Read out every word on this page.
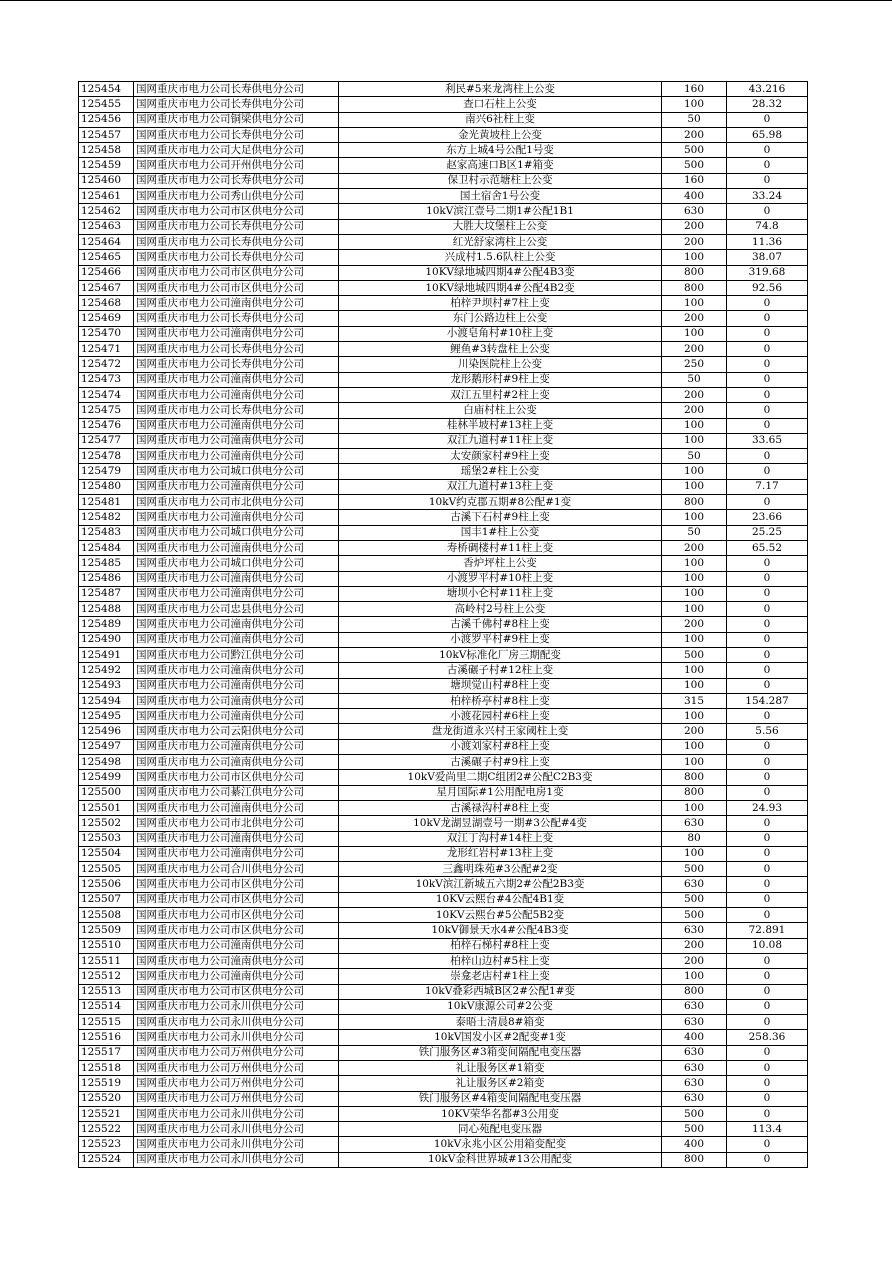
125454	国网重庆市电力公司长寿供电分公司	利民#5来龙湾柱上公变	160	43.216
125455	国网重庆市电力公司长寿供电分公司	查口石柱上公变	100	28.32
125456	国网重庆市电力公司铜梁供电分公司	南兴6社柱上变	50	0
125457	国网重庆市电力公司长寿供电分公司	金光黄坡柱上公变	200	65.98
125458	国网重庆市电力公司大足供电分公司	东方上城4号公配1号变	500	0
125459	国网重庆市电力公司开州供电分公司	赵家高速口B区1#箱变	500	0
125460	国网重庆市电力公司长寿供电分公司	保卫村示范塘柱上公变	160	0
125461	国网重庆市电力公司秀山供电分公司	国土宿舍1号公变	400	33.24
125462	国网重庆市电力公司市区供电分公司	10kV滨江壹号二期1#公配1B1	630	0
125463	国网重庆市电力公司长寿供电分公司	大胜大坟堡柱上公变	200	74.8
125464	国网重庆市电力公司长寿供电分公司	红光舒家湾柱上公变	200	11.36
125465	国网重庆市电力公司长寿供电分公司	兴成村1.5.6队柱上公变	100	38.07
125466	国网重庆市电力公司市区供电分公司	10KV绿地城四期4#公配4B3变	800	319.68
125467	国网重庆市电力公司市区供电分公司	10KV绿地城四期4#公配4B2变	800	92.56
125468	国网重庆市电力公司潼南供电分公司	柏梓尹坝村#7柱上变	100	0
125469	国网重庆市电力公司长寿供电分公司	东门公路边柱上公变	200	0
125470	国网重庆市电力公司潼南供电分公司	小渡皂角村#10柱上变	100	0
125471	国网重庆市电力公司长寿供电分公司	鲤鱼#3转盘柱上公变	200	0
125472	国网重庆市电力公司长寿供电分公司	川染医院柱上公变	250	0
125473	国网重庆市电力公司潼南供电分公司	龙形鹅形村#9柱上变	50	0
125474	国网重庆市电力公司潼南供电分公司	双江五里村#2柱上变	200	0
125475	国网重庆市电力公司长寿供电分公司	白庙村柱上公变	200	0
125476	国网重庆市电力公司潼南供电分公司	桂林半坡村#13柱上变	100	0
125477	国网重庆市电力公司潼南供电分公司	双江九道村#11柱上变	100	33.65
125478	国网重庆市电力公司潼南供电分公司	太安颜家村#9柱上变	50	0
125479	国网重庆市电力公司城口供电分公司	瑶堡2#柱上公变	100	0
125480	国网重庆市电力公司潼南供电分公司	双江九道村#13柱上变	100	7.17
125481	国网重庆市电力公司市北供电分公司	10kV约克郡五期#8公配#1变	800	0
125482	国网重庆市电力公司潼南供电分公司	古溪下石村#9柱上变	100	23.66
125483	国网重庆市电力公司城口供电分公司	国丰1#柱上公变	50	25.25
125484	国网重庆市电力公司潼南供电分公司	寿桥碉楼村#11柱上变	200	65.52
125485	国网重庆市电力公司城口供电分公司	香炉坪柱上公变	100	0
125486	国网重庆市电力公司潼南供电分公司	小渡罗平村#10柱上变	100	0
125487	国网重庆市电力公司潼南供电分公司	塘坝小仑村#11柱上变	100	0
125488	国网重庆市电力公司忠县供电分公司	高岭村2号柱上公变	100	0
125489	国网重庆市电力公司潼南供电分公司	古溪千佛村#8柱上变	200	0
125490	国网重庆市电力公司潼南供电分公司	小渡罗平村#9柱上变	100	0
125491	国网重庆市电力公司黔江供电分公司	10kV标准化厂房三期配变	500	0
125492	国网重庆市电力公司潼南供电分公司	古溪碾子村#12柱上变	100	0
125493	国网重庆市电力公司潼南供电分公司	塘坝觉山村#8柱上变	100	0
125494	国网重庆市电力公司潼南供电分公司	柏梓桥亭村#8柱上变	315	154.287
125495	国网重庆市电力公司潼南供电分公司	小渡花园村#6柱上变	100	0
125496	国网重庆市电力公司云阳供电分公司	盘龙街道永兴村王家阈柱上变	200	5.56
125497	国网重庆市电力公司潼南供电分公司	小渡刘家村#8柱上变	100	0
125498	国网重庆市电力公司潼南供电分公司	古溪碾子村#9柱上变	100	0
125499	国网重庆市电力公司市区供电分公司	10kV爱尚里二期C组团2#公配C2B3变	800	0
125500	国网重庆市电力公司綦江供电分公司	星月国际#1公用配电房1变	800	0
125501	国网重庆市电力公司潼南供电分公司	古溪禄沟村#8柱上变	100	24.93
125502	国网重庆市电力公司市北供电分公司	10kV龙湖昱湖壹号一期#3公配#4变	630	0
125503	国网重庆市电力公司潼南供电分公司	双江丁沟村#14柱上变	80	0
125504	国网重庆市电力公司潼南供电分公司	龙形红岩村#13柱上变	100	0
125505	国网重庆市电力公司合川供电分公司	三鑫明珠苑#3公配#2变	500	0
125506	国网重庆市电力公司市区供电分公司	10kV滨江新城五六期2#公配2B3变	630	0
125507	国网重庆市电力公司市区供电分公司	10KV云熙台#4公配4B1变	500	0
125508	国网重庆市电力公司市区供电分公司	10KV云熙台#5公配5B2变	500	0
125509	国网重庆市电力公司市区供电分公司	10kV御景天水4#公配4B3变	630	72.891
125510	国网重庆市电力公司潼南供电分公司	柏梓石梯村#8柱上变	200	10.08
125511	国网重庆市电力公司潼南供电分公司	柏梓山边村#5柱上变	200	0
125512	国网重庆市电力公司潼南供电分公司	崇龛老店村#1柱上变	100	0
125513	国网重庆市电力公司市区供电分公司	10kV叠彩西城B区2#公配1#变	800	0
125514	国网重庆市电力公司永川供电分公司	10kV康源公司#2公变	630	0
125515	国网重庆市电力公司永川供电分公司	泰晤士清晨8#箱变	630	0
125516	国网重庆市电力公司永川供电分公司	10kV国发小区#2配变#1变	400	258.36
125517	国网重庆市电力公司万州供电分公司	铁门服务区#3箱变间隔配电变压器	630	0
125518	国网重庆市电力公司万州供电分公司	礼让服务区#1箱变	630	0
125519	国网重庆市电力公司万州供电分公司	礼让服务区#2箱变	630	0
125520	国网重庆市电力公司万州供电分公司	铁门服务区#4箱变间隔配电变压器	630	0
125521	国网重庆市电力公司永川供电分公司	10KV荣华名都#3公用变	500	0
125522	国网重庆市电力公司永川供电分公司	同心苑配电变压器	500	113.4
125523	国网重庆市电力公司永川供电分公司	10kV永兆小区公用箱变配变	400	0
125524	国网重庆市电力公司永川供电分公司	10kV金科世界城#13公用配变	800	0
